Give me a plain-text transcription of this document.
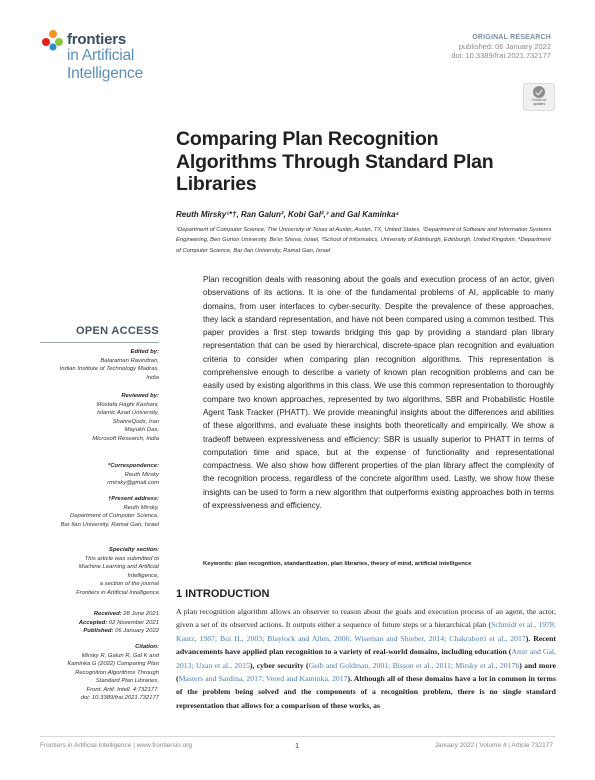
frontiers
in Artificial Intelligence
ORIGINAL RESEARCH
published: 06 January 2022
doi: 10.3389/frai.2021.732177
Check for
updates
Comparing Plan Recognition Algorithms Through Standard Plan Libraries
Reuth Mirsky¹*†, Ran Galun², Kobi Gal²,³ and Gal Kaminka⁴
¹Department of Computer Science, The University of Texas at Austin, Austin, TX, United States, ²Department of Software and Information Systems Engineering, Ben Gurion University, Be'er Sheva, Israel, ³School of Informatics, University of Edinburgh, Edinburgh, United Kingdom, ⁴Department of Computer Science, Bar Ilan University, Ramat Gan, Israel
Plan recognition deals with reasoning about the goals and execution process of an actor, given observations of its actions. It is one of the fundamental problems of AI, applicable to many domains, from user interfaces to cyber-security. Despite the prevalence of these approaches, they lack a standard representation, and have not been compared using a common testbed. This paper provides a first step towards bridging this gap by providing a standard plan library representation that can be used by hierarchical, discrete-space plan recognition and evaluation criteria to consider when comparing plan recognition algorithms. This representation is comprehensive enough to describe a variety of known plan recognition problems and can be easily used by existing algorithms in this class. We use this common representation to thoroughly compare two known approaches, represented by two algorithms, SBR and Probabilistic Hostile Agent Task Tracker (PHATT). We provide meaningful insights about the differences and abilities of these algorithms, and evaluate these insights both theoretically and empirically. We show a tradeoff between expressiveness and efficiency: SBR is usually superior to PHATT in terms of computation time and space, but at the expense of functionality and representational compactness. We also show how different properties of the plan library affect the complexity of the recognition process, regardless of the concrete algorithm used. Lastly, we show how these insights can be used to form a new algorithm that outperforms existing approaches both in terms of expressiveness and efficiency.
Keywords: plan recognition, standardization, plan libraries, theory of mind, artificial intelligence
OPEN ACCESS
Edited by:
Balaraman Ravindran,
Indian Institute of Technology Madras,
India
Reviewed by:
Mostafa Haghi Kashani,
Islamic Azad University,
ShahreQods, Iran
Mayukh Das,
Microsoft Research, India
*Correspondence:
Reuth Mirsky
rmirsky@gmail.com
†Present address:
Reuth Mirsky,
Department of Computer Science,
Bar Ilan University, Ramat Gan, Israel
Specialty section:
This article was submitted to
Machine Learning and Artificial
Intelligence,
a section of the journal
Frontiers in Artificial Intelligence
Received: 28 June 2021
Accepted: 02 November 2021
Published: 06 January 2022
Citation:
Mirsky R, Galun R, Gal K and
Kaminka G (2022) Comparing Plan
Recognition Algorithms Through
Standard Plan Libraries.
Front. Artif. Intell. 4:732177.
doi: 10.3389/frai.2021.732177
1 INTRODUCTION
A plan recognition algorithm allows an observer to reason about the goals and execution process of an agent, the actor, given a set of its observed actions. It outputs either a sequence of future steps or a hierarchical plan (Schmidt et al., 1978; Kautz, 1987; Bui H., 2003; Blaylock and Allen, 2006; Wiseman and Shieber, 2014; Chakraborti et al., 2017). Recent advancements have applied plan recognition to a variety of real-world domains, including education (Amir and Gal, 2013; Uzan et al., 2015), cyber security (Geib and Goldman, 2001; Bisson et al., 2011; Mirsky et al., 2017b) and more (Masters and Sardina, 2017; Vered and Kaminka, 2017). Although all of these domains have a lot in common in terms of the problem being solved and the components of a recognition problem, there is no single standard representation that allows for a comparison of these works, as
Frontiers in Artificial Intelligence | www.frontiersin.org	1	January 2022 | Volume 4 | Article 732177
